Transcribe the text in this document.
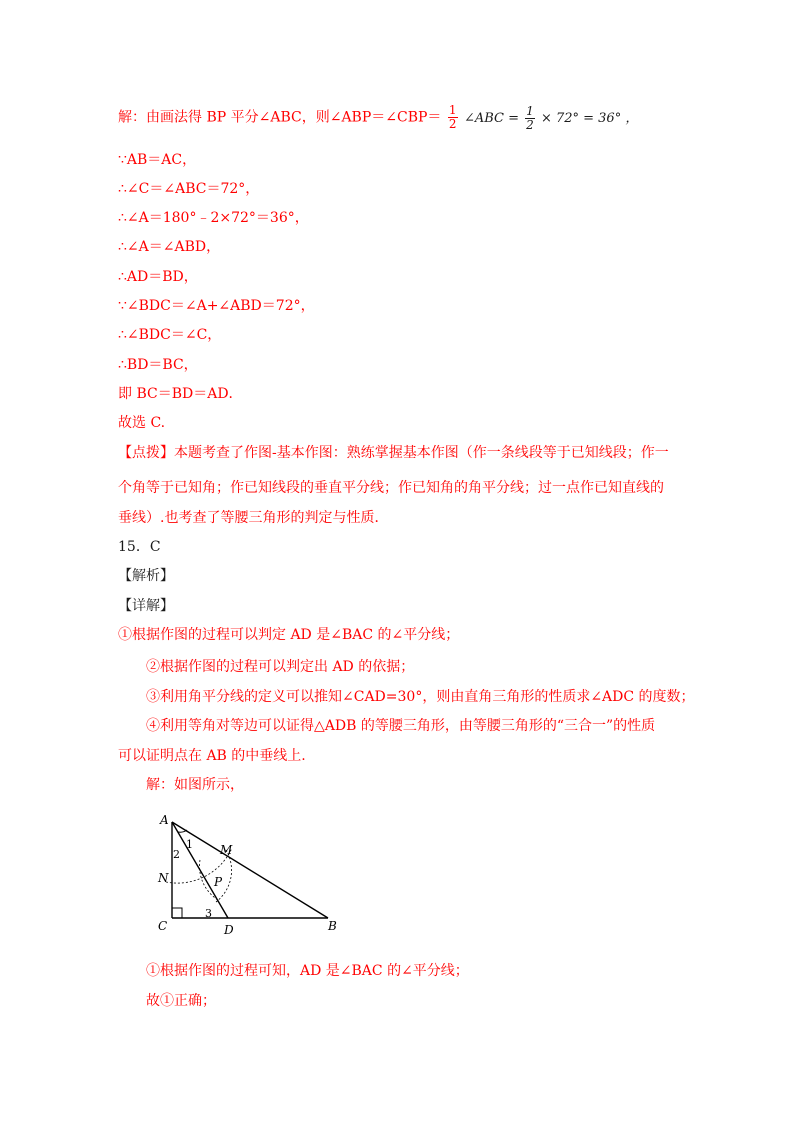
解：由画法得 BP 平分∠ABC，则∠ABP＝∠CBP＝ $\frac{1}{2}$ ∠ABC = $\frac{1}{2} \times 72^\circ = 36^\circ$ ，
∵AB＝AC，
∴∠C＝∠ABC＝72°，
∴∠A＝180°﹣2×72°＝36°，
∴∠A＝∠ABD，
∴AD＝BD，
∵∠BDC＝∠A+∠ABD＝72°，
∴∠BDC＝∠C，
∴BD＝BC，
即 BC＝BD＝AD．
故选 C.
【点拨】本题考查了作图-基本作图：熟练掌握基本作图（作一条线段等于已知线段；作一
个角等于已知角；作已知线段的垂直平分线；作已知角的角平分线；过一点作已知直线的
垂线）.也考查了等腰三角形的判定与性质．
15．C
【解析】
【详解】
①根据作图的过程可以判定 AD 是∠BAC 的∠平分线；
②根据作图的过程可以判定出 AD 的依据；
③利用角平分线的定义可以推知∠CAD=30°，则由直角三角形的性质求∠ADC 的度数；
④利用等角对等边可以证得△ADB 的等腰三角形，由等腰三角形的“三合一”的性质
可以证明点在 AB 的中垂线上.
解：如图所示，
A
C	D	B
M
N	P
1
2
3
①根据作图的过程可知，AD 是∠BAC 的∠平分线；
故①正确；
